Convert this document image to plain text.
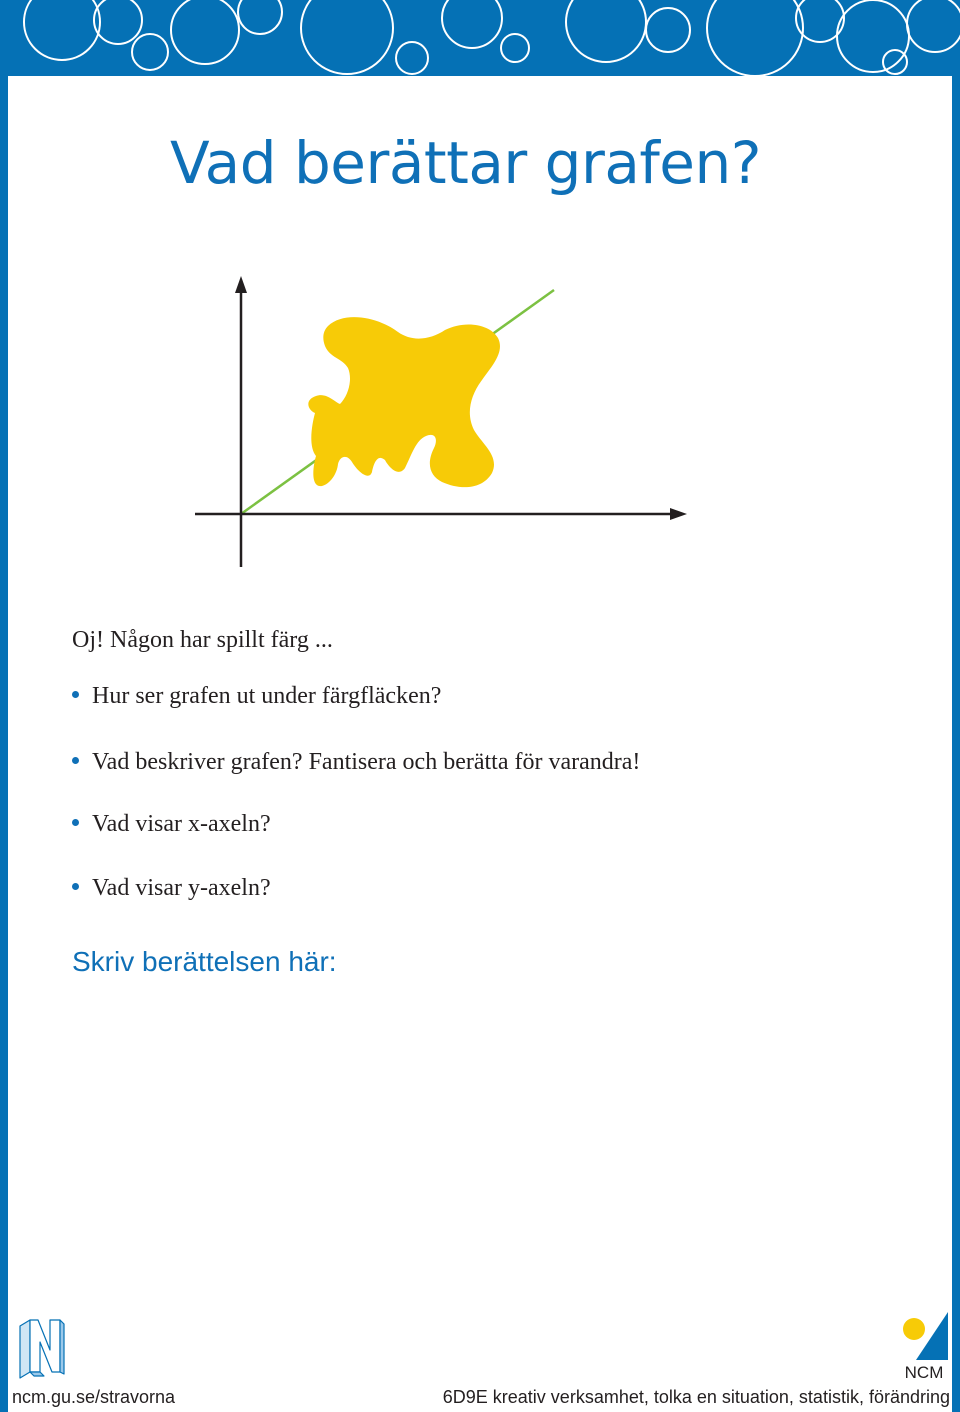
Vad berättar grafen?

Oj! Någon har spillt färg ...

Hur ser grafen ut under färgfläcken?
Vad beskriver grafen? Fantisera och berätta för varandra!
Vad visar x-axeln?
Vad visar y-axeln?

Skriv berättelsen här:

NCM

ncm.gu.se/stravorna	6D9E kreativ verksamhet, tolka en situation, statistik, förändring
